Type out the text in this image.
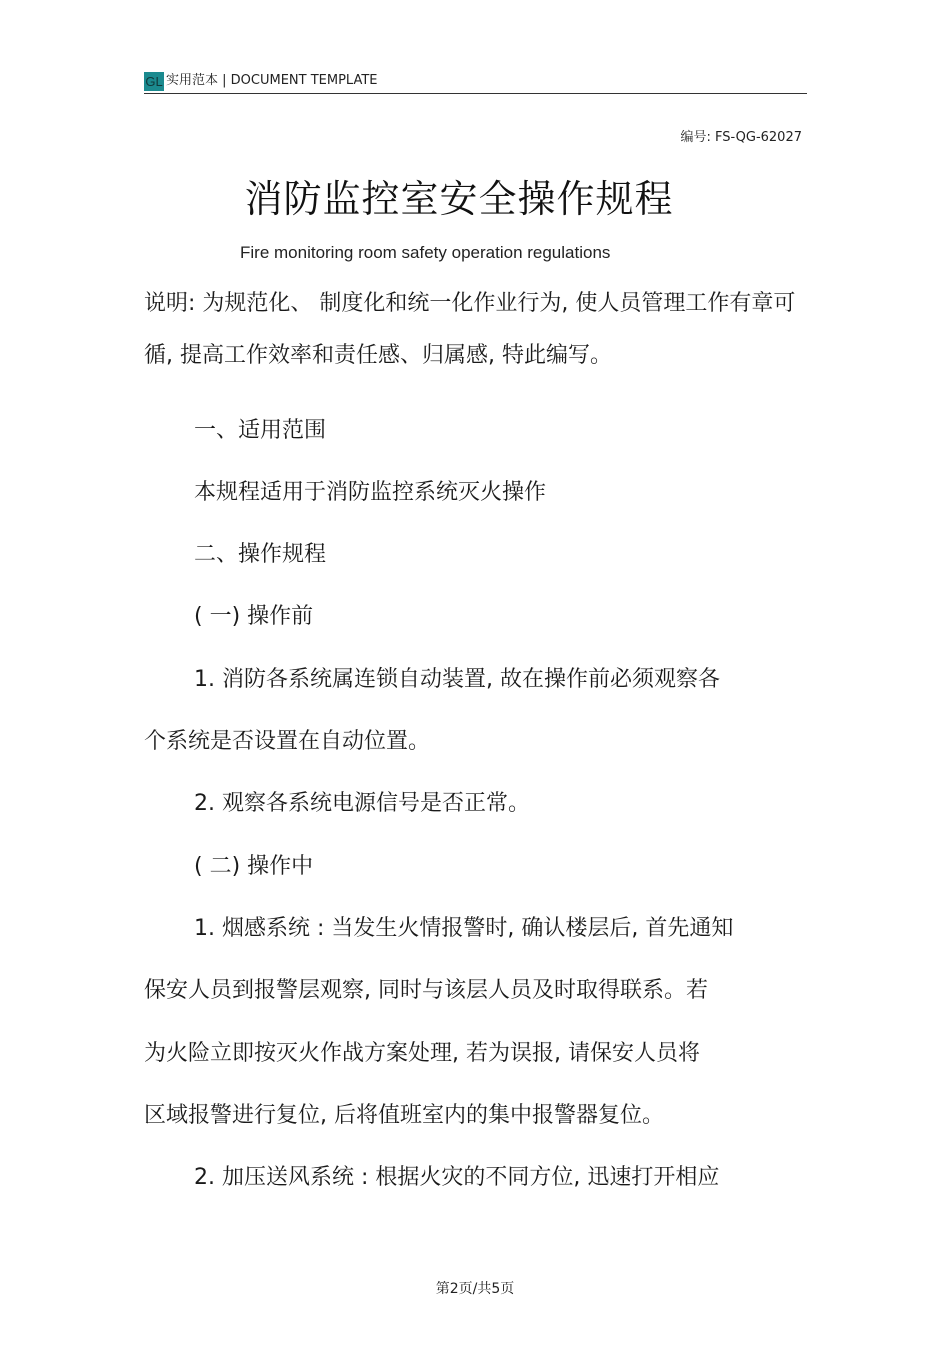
GL 实用范本 | DOCUMENT TEMPLATE
编号: FS-QG-62027
消防监控室安全操作规程
Fire monitoring room safety operation regulations
说明: 为规范化、 制度化和统一化作业行为, 使人员管理工作有章可
循, 提高工作效率和责任感、归属感, 特此编写。
一、适用范围
本规程适用于消防监控系统灭火操作
二、操作规程
( 一) 操作前
1. 消防各系统属连锁自动装置, 故在操作前必须观察各
个系统是否设置在自动位置。
2. 观察各系统电源信号是否正常。
( 二) 操作中
1. 烟感系统 : 当发生火情报警时, 确认楼层后, 首先通知
保安人员到报警层观察, 同时与该层人员及时取得联系。若
为火险立即按灭火作战方案处理, 若为误报, 请保安人员将
区域报警进行复位, 后将值班室内的集中报警器复位。
2. 加压送风系统 : 根据火灾的不同方位, 迅速打开相应
第2页/共5页
